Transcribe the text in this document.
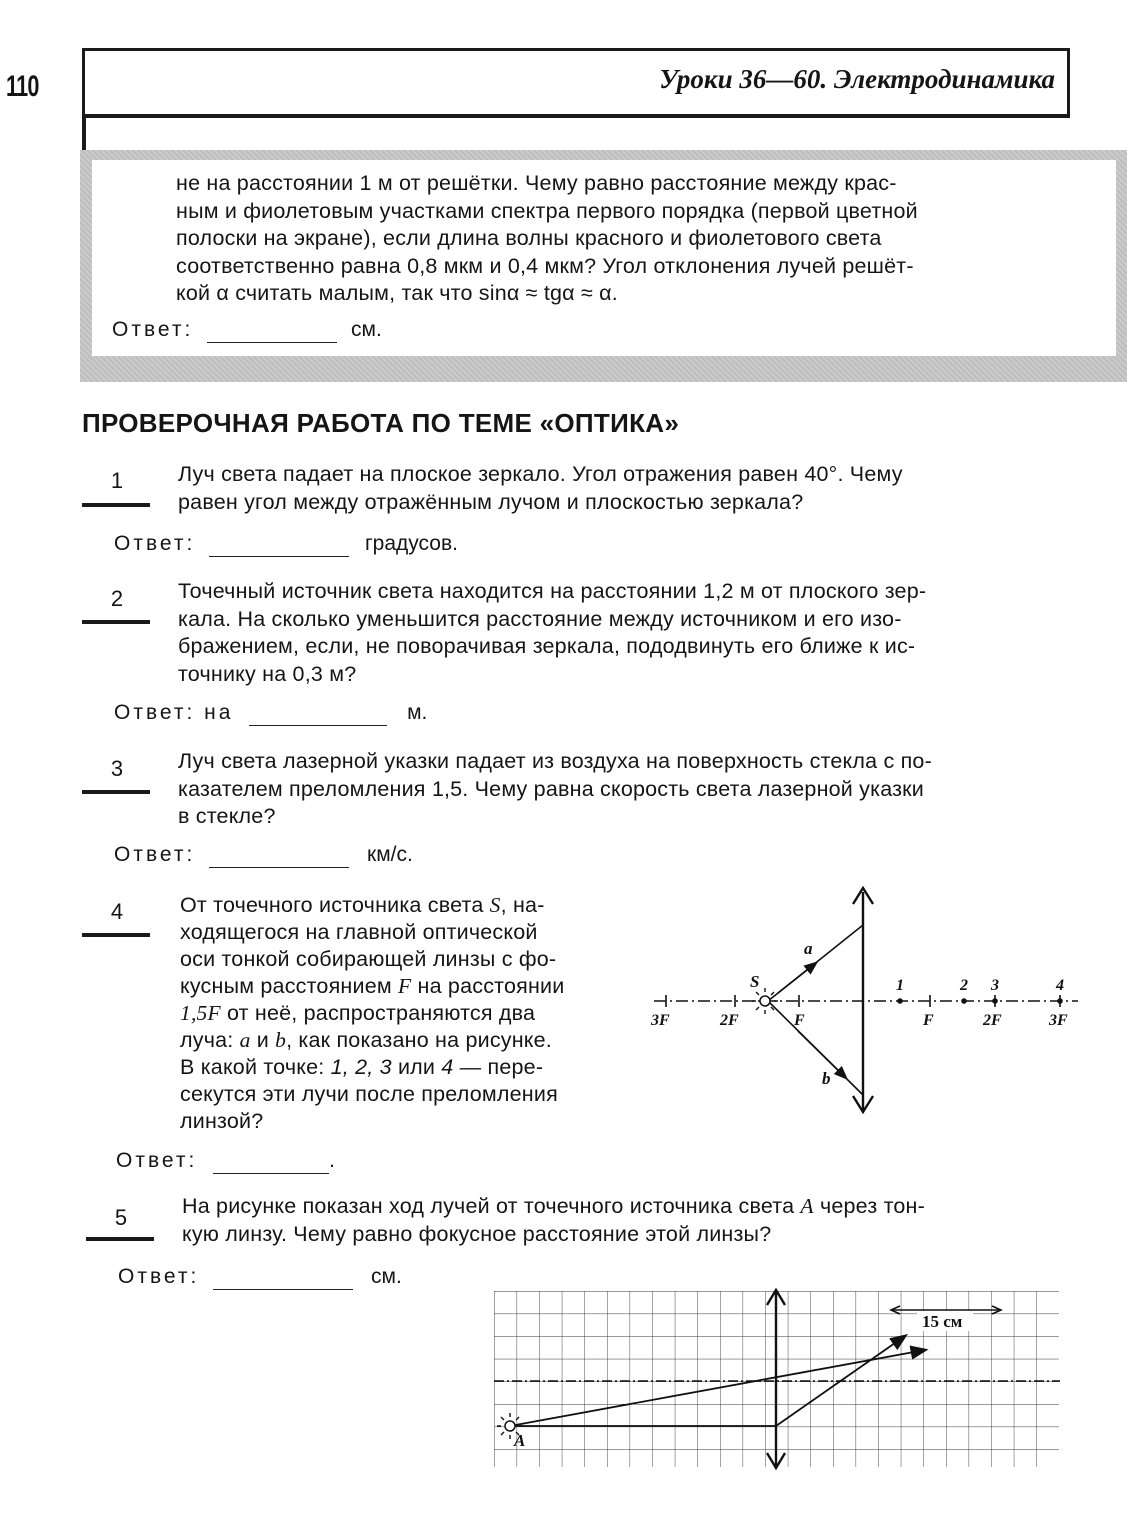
110	Уроки 36—60. Электродинамика
не на расстоянии 1 м от решётки. Чему равно расстояние между крас-
ным и фиолетовым участками спектра первого порядка (первой цветной
полоски на экране), если длина волны красного и фиолетового света
соответственно равна 0,8 мкм и 0,4 мкм? Угол отклонения лучей решёт-
кой α считать малым, так что sinα ≈ tgα ≈ α.
Ответ:	см.
ПРОВЕРОЧНАЯ РАБОТА ПО ТЕМЕ «ОПТИКА»
1	Луч света падает на плоское зеркало. Угол отражения равен 40°. Чему
равен угол между отражённым лучом и плоскостью зеркала?
Ответ:	градусов.
2	Точечный источник света находится на расстоянии 1,2 м от плоского зер-
кала. На сколько уменьшится расстояние между источником и его изо-
бражением, если, не поворачивая зеркала, пододвинуть его ближе к ис-
точнику на 0,3 м?
Ответ: на	м.
3	Луч света лазерной указки падает из воздуха на поверхность стекла с по-
казателем преломления 1,5. Чему равна скорость света лазерной указки
в стекле?
Ответ:	км/с.
4	От точечного источника света S, на-
ходящегося на главной оптической
оси тонкой собирающей линзы с фо-
кусным расстоянием F на расстоянии
1,5F от неё, распространяются два
луча: a и b, как показано на рисунке.
В какой точке: 1, 2, 3 или 4 — пере-
секутся эти лучи после преломления
линзой?
Ответ:	.
a
b
S
3F	2F	F	F	2F	3F
1	2 3	4
5	На рисунке показан ход лучей от точечного источника света A через тон-
кую линзу. Чему равно фокусное расстояние этой линзы?
Ответ:	см.
15 см
A
